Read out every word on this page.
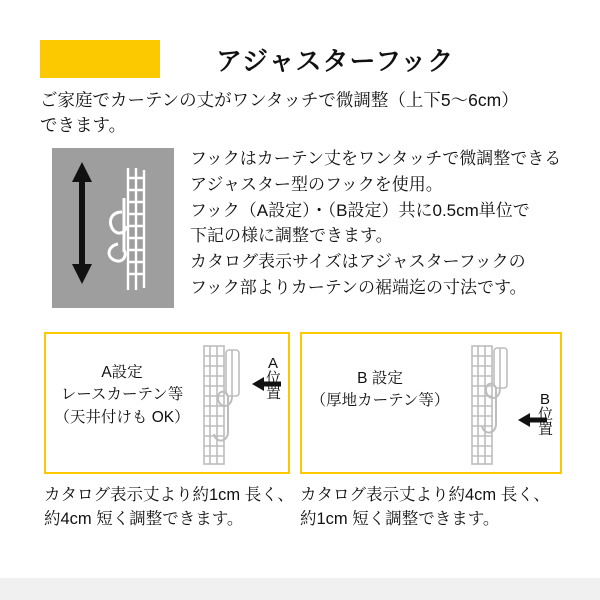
アジャスターフック
ご家庭でカーテンの丈がワンタッチで微調整（上下5〜6cm）
できます。
フックはカーテン丈をワンタッチで微調整できる
アジャスター型のフックを使用。
フック（A設定）・（B設定）共に0.5cm単位で
下記の様に調整できます。
カタログ表示サイズはアジャスターフックの
フック部よりカーテンの裾端迄の寸法です。
A設定
レースカーテン等
（天井付けも OK）
A
位
置
B 設定
（厚地カーテン等）	B
位
置
カタログ表示丈より約1cm 長く、約4cm 短く調整できます。
カタログ表示丈より約4cm 長く、約1cm 短く調整できます。
